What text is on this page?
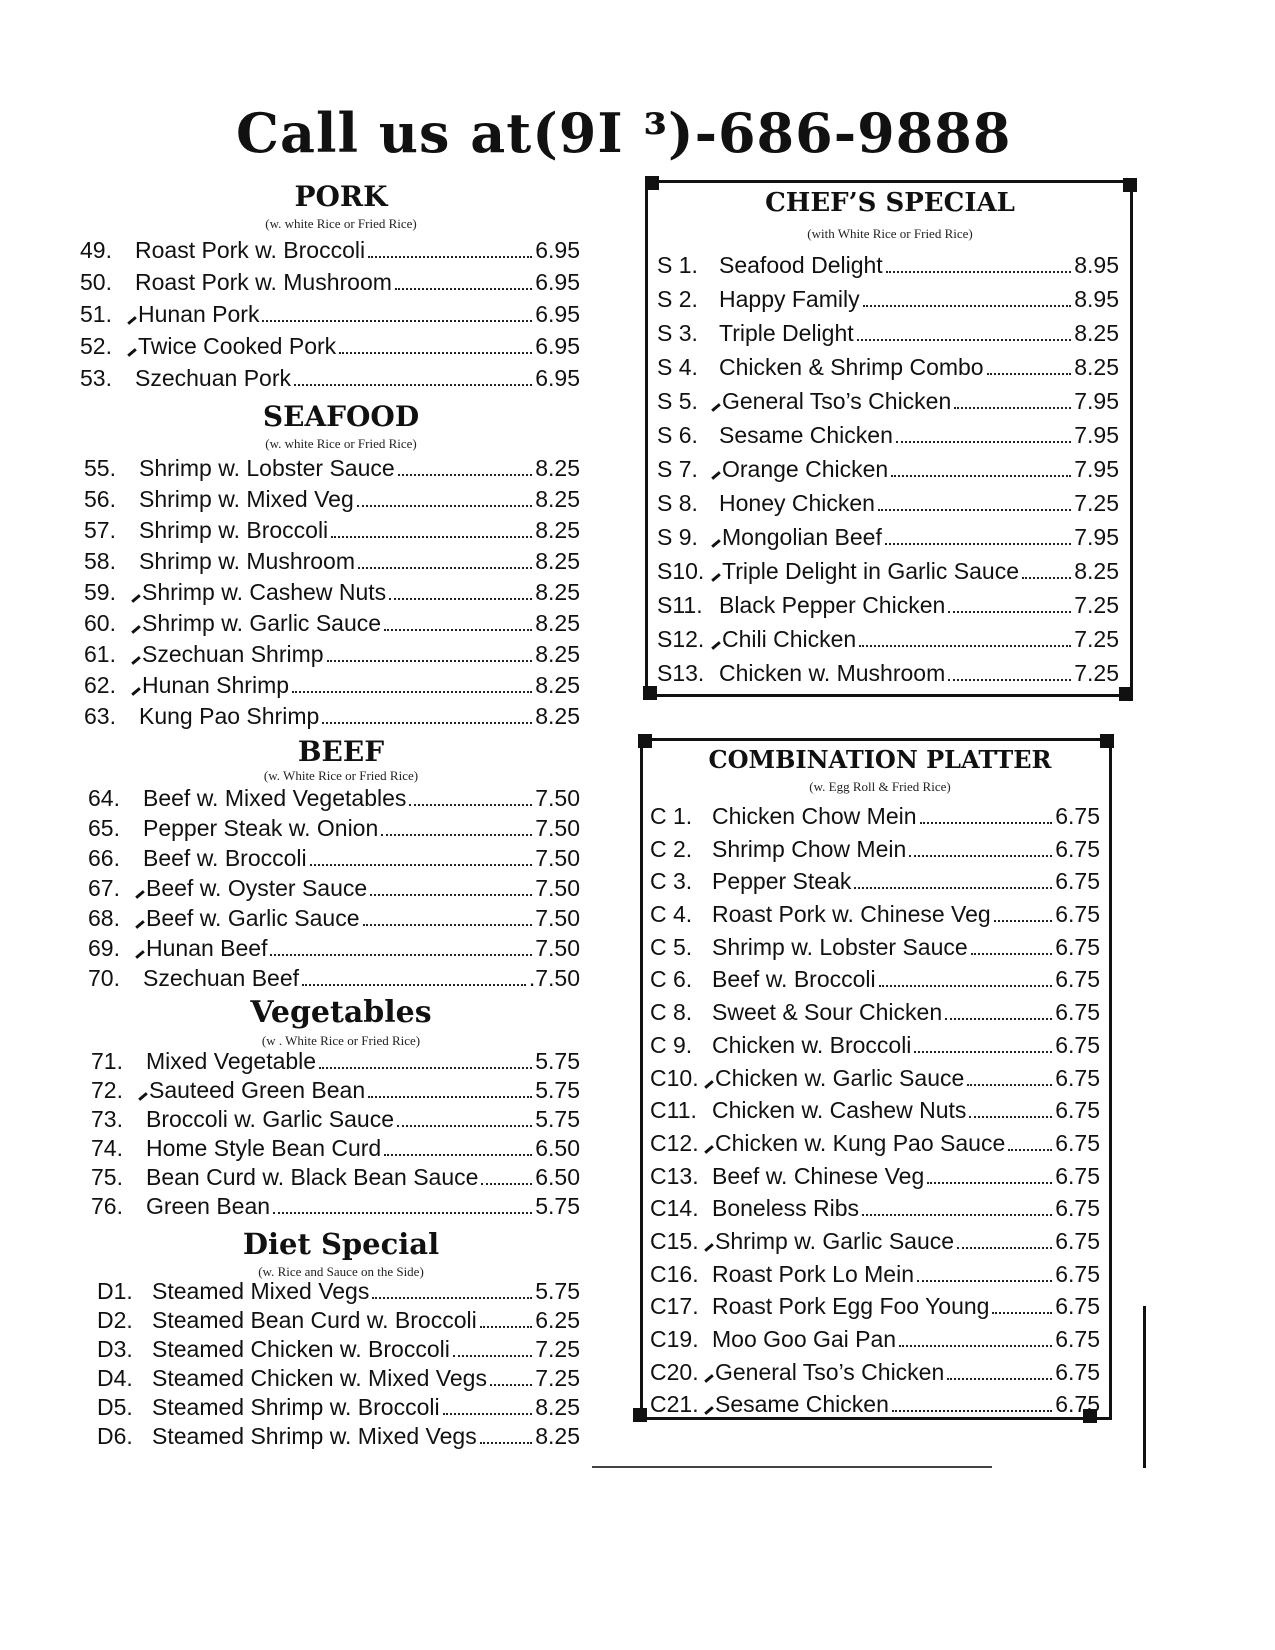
Call us at(9I ³)-686-9888
PORK
(w. white Rice or Fried Rice)
49.	Roast Pork w. Broccoli	6.95
50.	Roast Pork w. Mushroom	6.95
51.	Hunan Pork	6.95
52.	Twice Cooked Pork	6.95
53.	Szechuan Pork	6.95
SEAFOOD
(w. white Rice or Fried Rice)
55.	Shrimp w. Lobster Sauce	8.25
56.	Shrimp w. Mixed Veg	8.25
57.	Shrimp w. Broccoli	8.25
58.	Shrimp w. Mushroom	8.25
59.	Shrimp w. Cashew Nuts	8.25
60.	Shrimp w. Garlic Sauce	8.25
61.	Szechuan Shrimp	8.25
62.	Hunan Shrimp	8.25
63.	Kung Pao Shrimp	8.25
BEEF
(w. White Rice or Fried Rice)
64.	Beef w. Mixed Vegetables	7.50
65.	Pepper Steak w. Onion	7.50
66.	Beef w. Broccoli	7.50
67.	Beef w. Oyster Sauce	7.50
68.	Beef w. Garlic Sauce	7.50
69.	Hunan Beef	7.50
70.	Szechuan Beef	.7.50
Vegetables
(w . White Rice or Fried Rice)
71.	Mixed Vegetable	5.75
72.	Sauteed Green Bean	5.75
73.	Broccoli w. Garlic Sauce	5.75
74.	Home Style Bean Curd	6.50
75.	Bean Curd w. Black Bean Sauce 6.50
76.	Green Bean	5.75
Diet Special
(w. Rice and Sauce on the Side)
D1. Steamed Mixed Vegs	5.75
D2. Steamed Bean Curd w. Broccoli	6.25
D3. Steamed Chicken w. Broccoli	7.25
D4. Steamed Chicken w. Mixed Vegs 7.25
D5. Steamed Shrimp w. Broccoli	8.25
D6. Steamed Shrimp w. Mixed Vegs	8.25
CHEF’S SPECIAL
(with White Rice or Fried Rice)
S 1. Seafood Delight	8.95
S 2. Happy Family	8.95
S 3. Triple Delight	8.25
S 4. Chicken & Shrimp Combo	8.25
S 5.	General Tso’s Chicken	7.95
S 6. Sesame Chicken	7.95
S 7.	Orange Chicken	7.95
S 8. Honey Chicken	7.25
S 9.	Mongolian Beef	7.95
S10. Triple Delight in Garlic Sauce 8.25
S11. Black Pepper Chicken	7.25
S12. Chili Chicken	7.25
S13. Chicken w. Mushroom	7.25
COMBINATION PLATTER
(w. Egg Roll & Fried Rice)
C 1. Chicken Chow Mein	6.75
C 2. Shrimp Chow Mein	6.75
C 3. Pepper Steak	6.75
C 4. Roast Pork w. Chinese Veg	6.75
C 5. Shrimp w. Lobster Sauce	6.75
C 6. Beef w. Broccoli	6.75
C 8. Sweet & Sour Chicken	6.75
C 9. Chicken w. Broccoli	6.75
C10. Chicken w. Garlic Sauce	6.75
C11. Chicken w. Cashew Nuts	6.75
C12. Chicken w. Kung Pao Sauce 6.75
C13. Beef w. Chinese Veg	6.75
C14. Boneless Ribs	6.75
C15. Shrimp w. Garlic Sauce	6.75
C16. Roast Pork Lo Mein	6.75
C17. Roast Pork Egg Foo Young	6.75
C19. Moo Goo Gai Pan	6.75
C20. General Tso’s Chicken	6.75
C21. Sesame Chicken	6.75
